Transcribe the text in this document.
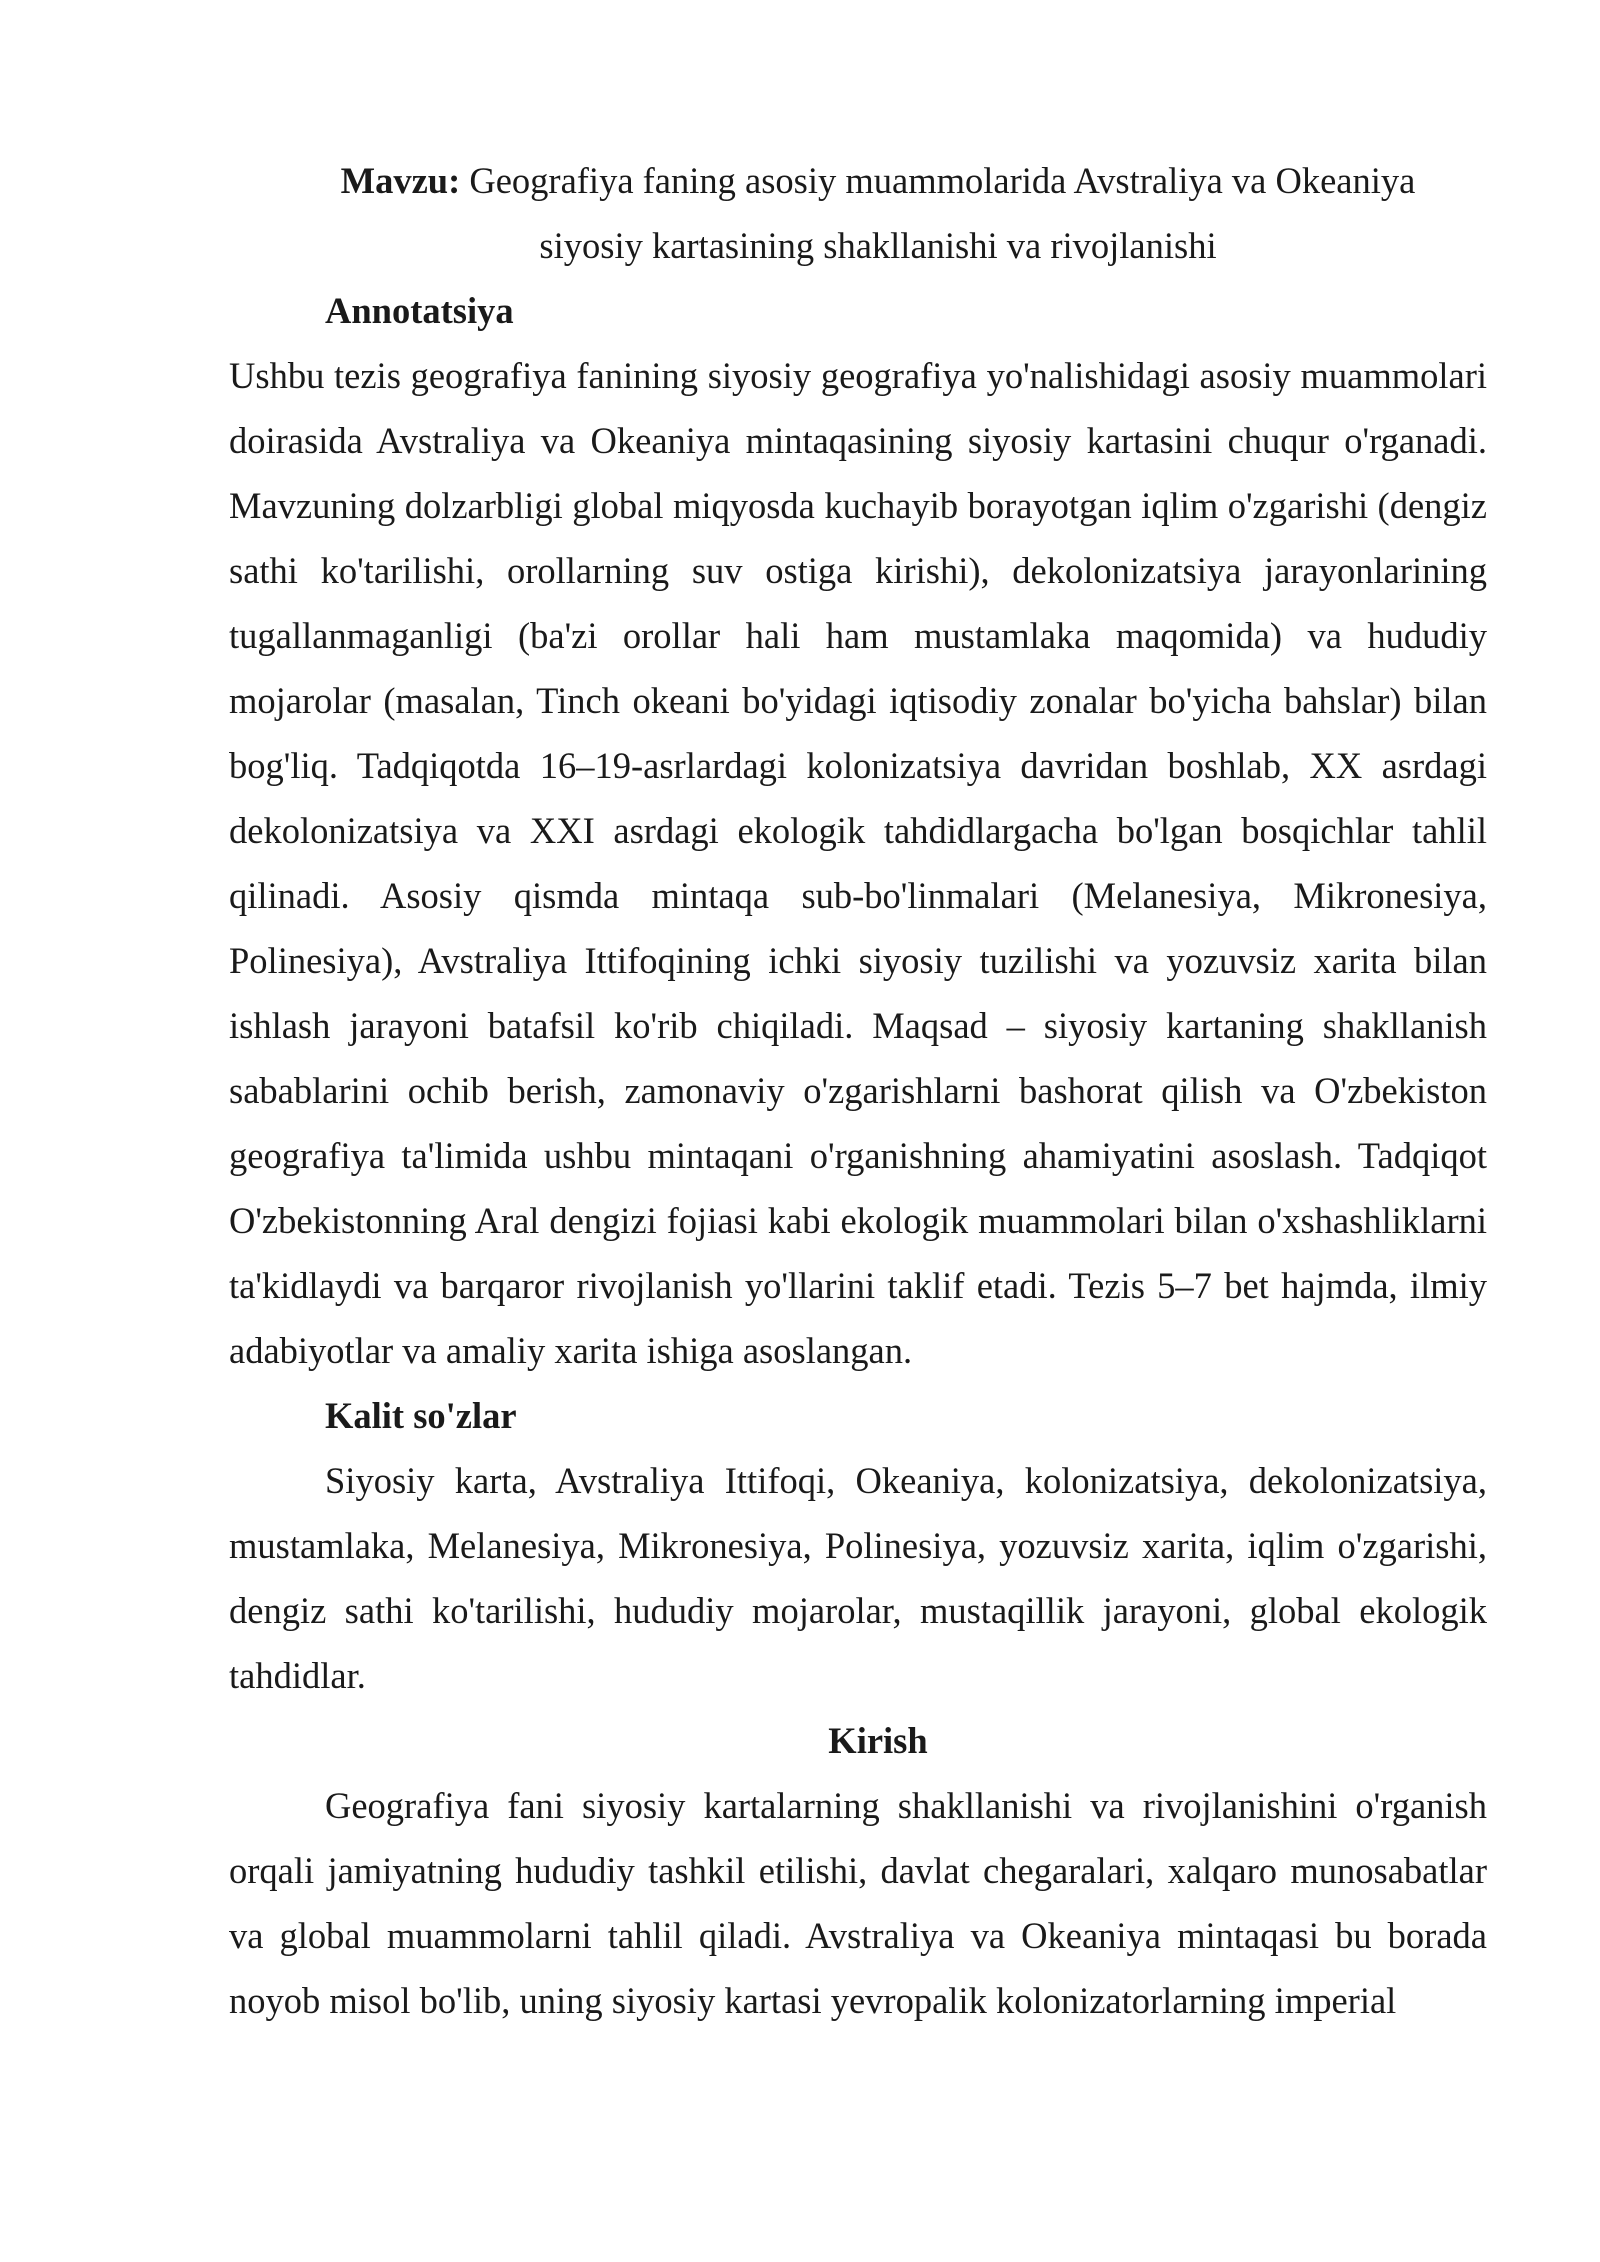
Mavzu: Geografiya faning asosiy muammolarida Avstraliya va Okeaniya
siyosiy kartasining shakllanishi va rivojlanishi

Annotatsiya

Ushbu tezis geografiya fanining siyosiy geografiya yo'nalishidagi asosiy muammolari doirasida Avstraliya va Okeaniya mintaqasining siyosiy kartasini chuqur o'rganadi. Mavzuning dolzarbligi global miqyosda kuchayib borayotgan iqlim o'zgarishi (dengiz sathi ko'tarilishi, orollarning suv ostiga kirishi), dekolonizatsiya jarayonlarining tugallanmaganligi (ba'zi orollar hali ham mustamlaka maqomida) va hududiy mojarolar (masalan, Tinch okeani bo'yidagi iqtisodiy zonalar bo'yicha bahslar) bilan bog'liq. Tadqiqotda 16–19-asrlardagi kolonizatsiya davridan boshlab, XX asrdagi dekolonizatsiya va XXI asrdagi ekologik tahdidlargacha bo'lgan bosqichlar tahlil qilinadi. Asosiy qismda mintaqa sub-bo'linmalari (Melanesiya, Mikronesiya, Polinesiya), Avstraliya Ittifoqining ichki siyosiy tuzilishi va yozuvsiz xarita bilan ishlash jarayoni batafsil ko'rib chiqiladi. Maqsad – siyosiy kartaning shakllanish sabablarini ochib berish, zamonaviy o'zgarishlarni bashorat qilish va O'zbekiston geografiya ta'limida ushbu mintaqani o'rganishning ahamiyatini asoslash. Tadqiqot O'zbekistonning Aral dengizi fojiasi kabi ekologik muammolari bilan o'xshashliklarni ta'kidlaydi va barqaror rivojlanish yo'llarini taklif etadi. Tezis 5–7 bet hajmda, ilmiy adabiyotlar va amaliy xarita ishiga asoslangan.

Kalit so'zlar

Siyosiy karta, Avstraliya Ittifoqi, Okeaniya, kolonizatsiya, dekolonizatsiya, mustamlaka, Melanesiya, Mikronesiya, Polinesiya, yozuvsiz xarita, iqlim o'zgarishi, dengiz sathi ko'tarilishi, hududiy mojarolar, mustaqillik jarayoni, global ekologik tahdidlar.

Kirish

Geografiya fani siyosiy kartalarning shakllanishi va rivojlanishini o'rganish orqali jamiyatning hududiy tashkil etilishi, davlat chegaralari, xalqaro munosabatlar va global muammolarni tahlil qiladi. Avstraliya va Okeaniya mintaqasi bu borada noyob misol bo'lib, uning siyosiy kartasi yevropalik kolonizatorlarning imperial
